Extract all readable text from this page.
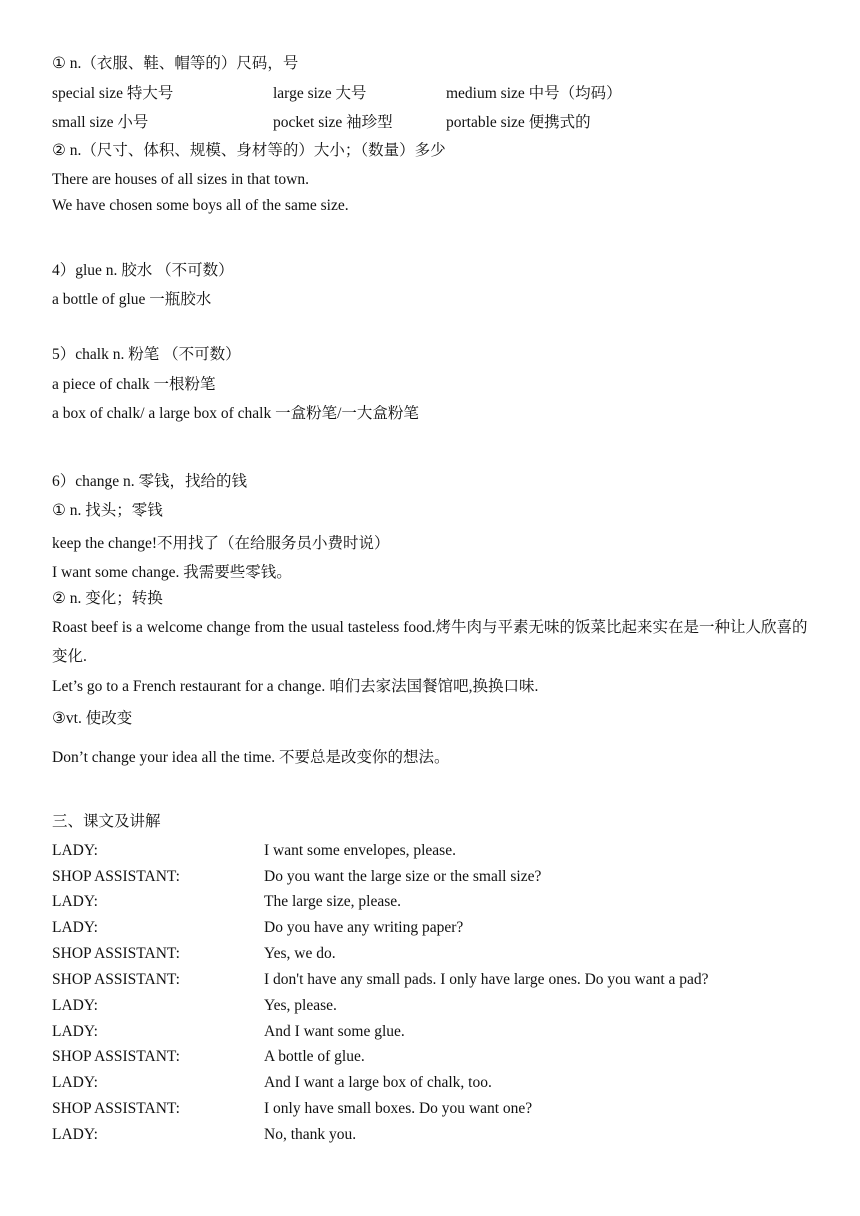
① n.（衣服、鞋、帽等的）尺码，号
special size 特大号	large size 大号	medium size 中号（均码）
small size 小号	pocket size 袖珍型	portable size 便携式的
② n.（尺寸、体积、规模、身材等的）大小；（数量）多少
There are houses of all sizes in that town.
We have chosen some boys all of the same size.
4）glue n. 胶水 （不可数）
a bottle of glue 一瓶胶水
5）chalk n. 粉笔 （不可数）
a piece of chalk 一根粉笔
a box of chalk/ a large box of chalk 一盒粉笔/一大盒粉笔
6）change n. 零钱，找给的钱
① n. 找头；零钱
keep the change!不用找了（在给服务员小费时说）
I want some change. 我需要些零钱。
② n. 变化；转换
Roast beef is a welcome change from the usual tasteless food.烤牛肉与平素无味的饭菜比起来实在是一种让人欣喜的变化.
Let’s go to a French restaurant for a change. 咱们去家法国餐馆吧,换换口味.
③vt. 使改变
Don’t change your idea all the time. 不要总是改变你的想法。
三、课文及讲解
LADY:	I want some envelopes, please.
SHOP ASSISTANT:	Do you want the large size or the small size?
LADY:	The large size, please.
LADY:	Do you have any writing paper?
SHOP ASSISTANT:	Yes, we do.
SHOP ASSISTANT:	I don't have any small pads. I only have large ones. Do you want a pad?
LADY:	Yes, please.
LADY:	And I want some glue.
SHOP ASSISTANT:	A bottle of glue.
LADY:	And I want a large box of chalk, too.
SHOP ASSISTANT:	I only have small boxes. Do you want one?
LADY:	No, thank you.
